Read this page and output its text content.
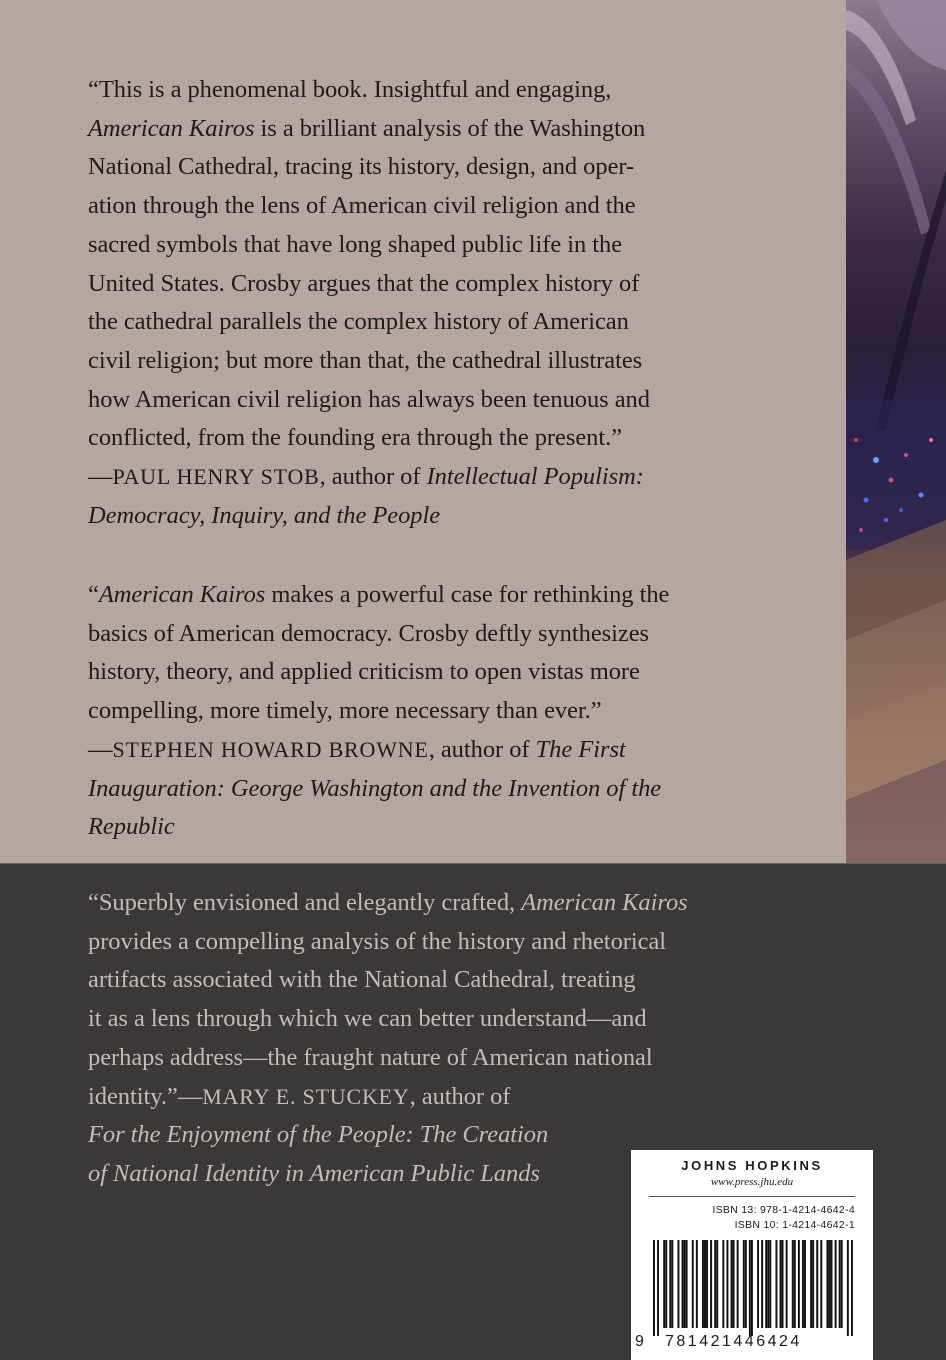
“This is a phenomenal book. Insightful and engaging,
American Kairos is a brilliant analysis of the Washington
National Cathedral, tracing its history, design, and oper-
ation through the lens of American civil religion and the
sacred symbols that have long shaped public life in the
United States. Crosby argues that the complex history of
the cathedral parallels the complex history of American
civil religion; but more than that, the cathedral illustrates
how American civil religion has always been tenuous and
conflicted, from the founding era through the present.”
—PAUL HENRY STOB, author of Intellectual Populism:
Democracy, Inquiry, and the People
“American Kairos makes a powerful case for rethinking the
basics of American democracy. Crosby deftly synthesizes
history, theory, and applied criticism to open vistas more
compelling, more timely, more necessary than ever.”
—STEPHEN HOWARD BROWNE, author of The First
Inauguration: George Washington and the Invention of the
Republic
“Superbly envisioned and elegantly crafted, American Kairos
provides a compelling analysis of the history and rhetorical
artifacts associated with the National Cathedral, treating
it as a lens through which we can better understand—and
perhaps address—the fraught nature of American national
identity.”—MARY E. STUCKEY, author of
For the Enjoyment of the People: The Creation
of National Identity in American Public Lands	JOHNS HOPKINS
www.press.jhu.edu
ISBN 13: 978-1-4214-4642-4
ISBN 10: 1-4214-4642-1
9 781421446424
